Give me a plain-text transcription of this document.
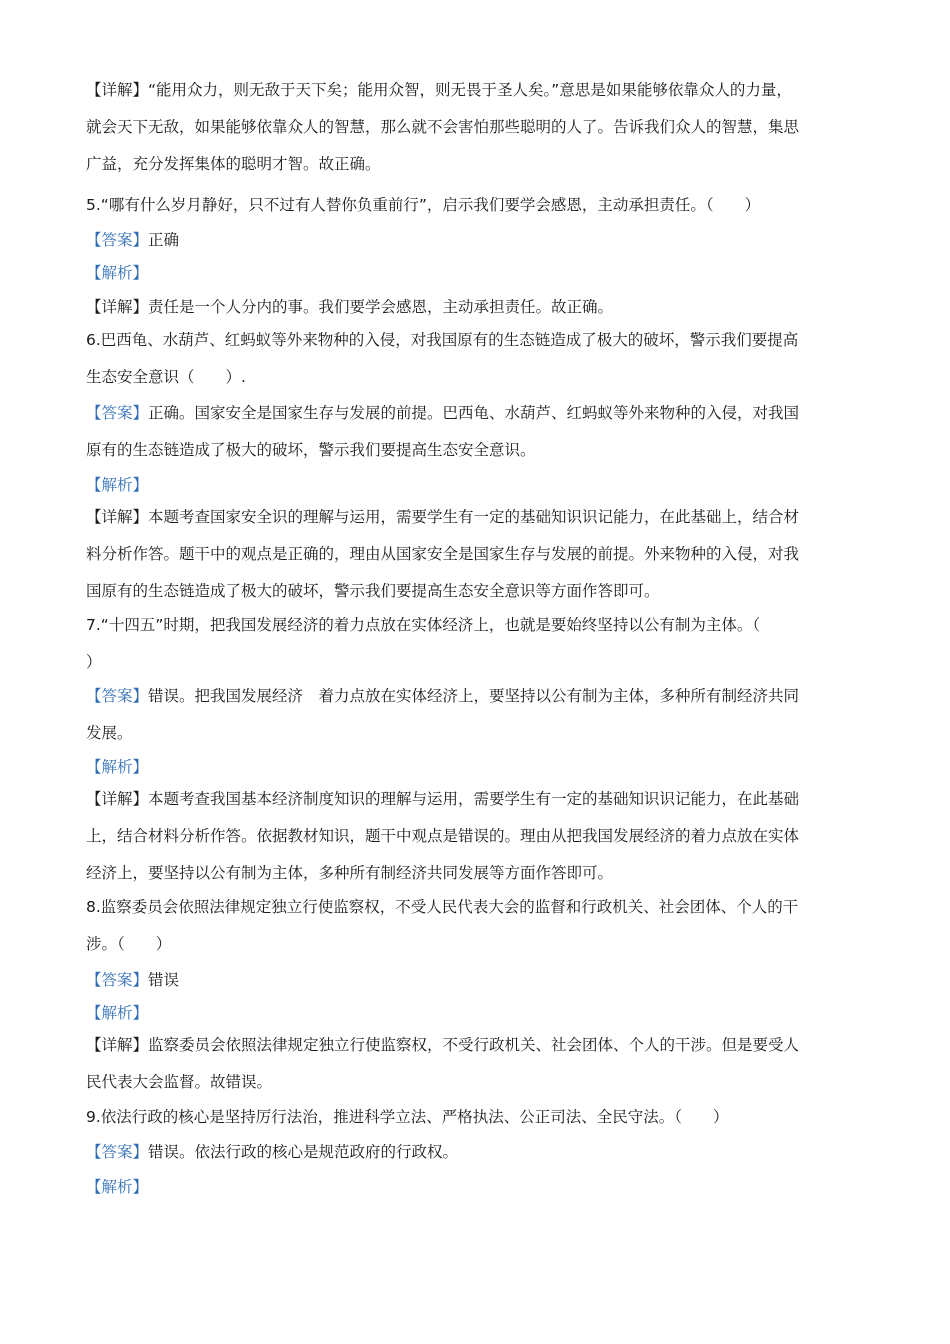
【详解】“能用众力，则无敌于天下矣；能用众智，则无畏于圣人矣。”意思是如果能够依靠众人的力量，
就会天下无敌，如果能够依靠众人的智慧，那么就不会害怕那些聪明的人了。告诉我们众人的智慧，集思
广益，充分发挥集体的聪明才智。故正确。
5.“哪有什么岁月静好，只不过有人替你负重前行”，启示我们要学会感恩，主动承担责任。（　　）
【答案】正确
【解析】
【详解】责任是一个人分内的事。我们要学会感恩，主动承担责任。故正确。
6.巴西龟、水葫芦、红蚂蚁等外来物种的入侵，对我国原有的生态链造成了极大的破坏，警示我们要提高
生态安全意识（　　）.
【答案】正确。国家安全是国家生存与发展的前提。巴西龟、水葫芦、红蚂蚁等外来物种的入侵，对我国
原有的生态链造成了极大的破坏，警示我们要提高生态安全意识。
【解析】
【详解】本题考查国家安全识的理解与运用，需要学生有一定的基础知识识记能力，在此基础上，结合材
料分析作答。题干中的观点是正确的，理由从国家安全是国家生存与发展的前提。外来物种的入侵，对我
国原有的生态链造成了极大的破坏，警示我们要提高生态安全意识等方面作答即可。
7.“十四五”时期，把我国发展经济的着力点放在实体经济上，也就是要始终坚持以公有制为主体。（
）
【答案】错误。把我国发展经济　着力点放在实体经济上，要坚持以公有制为主体，多种所有制经济共同
发展。
【解析】
【详解】本题考查我国基本经济制度知识的理解与运用，需要学生有一定的基础知识识记能力，在此基础
上，结合材料分析作答。依据教材知识，题干中观点是错误的。理由从把我国发展经济的着力点放在实体
经济上，要坚持以公有制为主体，多种所有制经济共同发展等方面作答即可。
8.监察委员会依照法律规定独立行使监察权，不受人民代表大会的监督和行政机关、社会团体、个人的干
涉。（　　）
【答案】错误
【解析】
【详解】监察委员会依照法律规定独立行使监察权，不受行政机关、社会团体、个人的干涉。但是要受人
民代表大会监督。故错误。
9.依法行政的核心是坚持厉行法治，推进科学立法、严格执法、公正司法、全民守法。（　　）
【答案】错误。依法行政的核心是规范政府的行政权。
【解析】
